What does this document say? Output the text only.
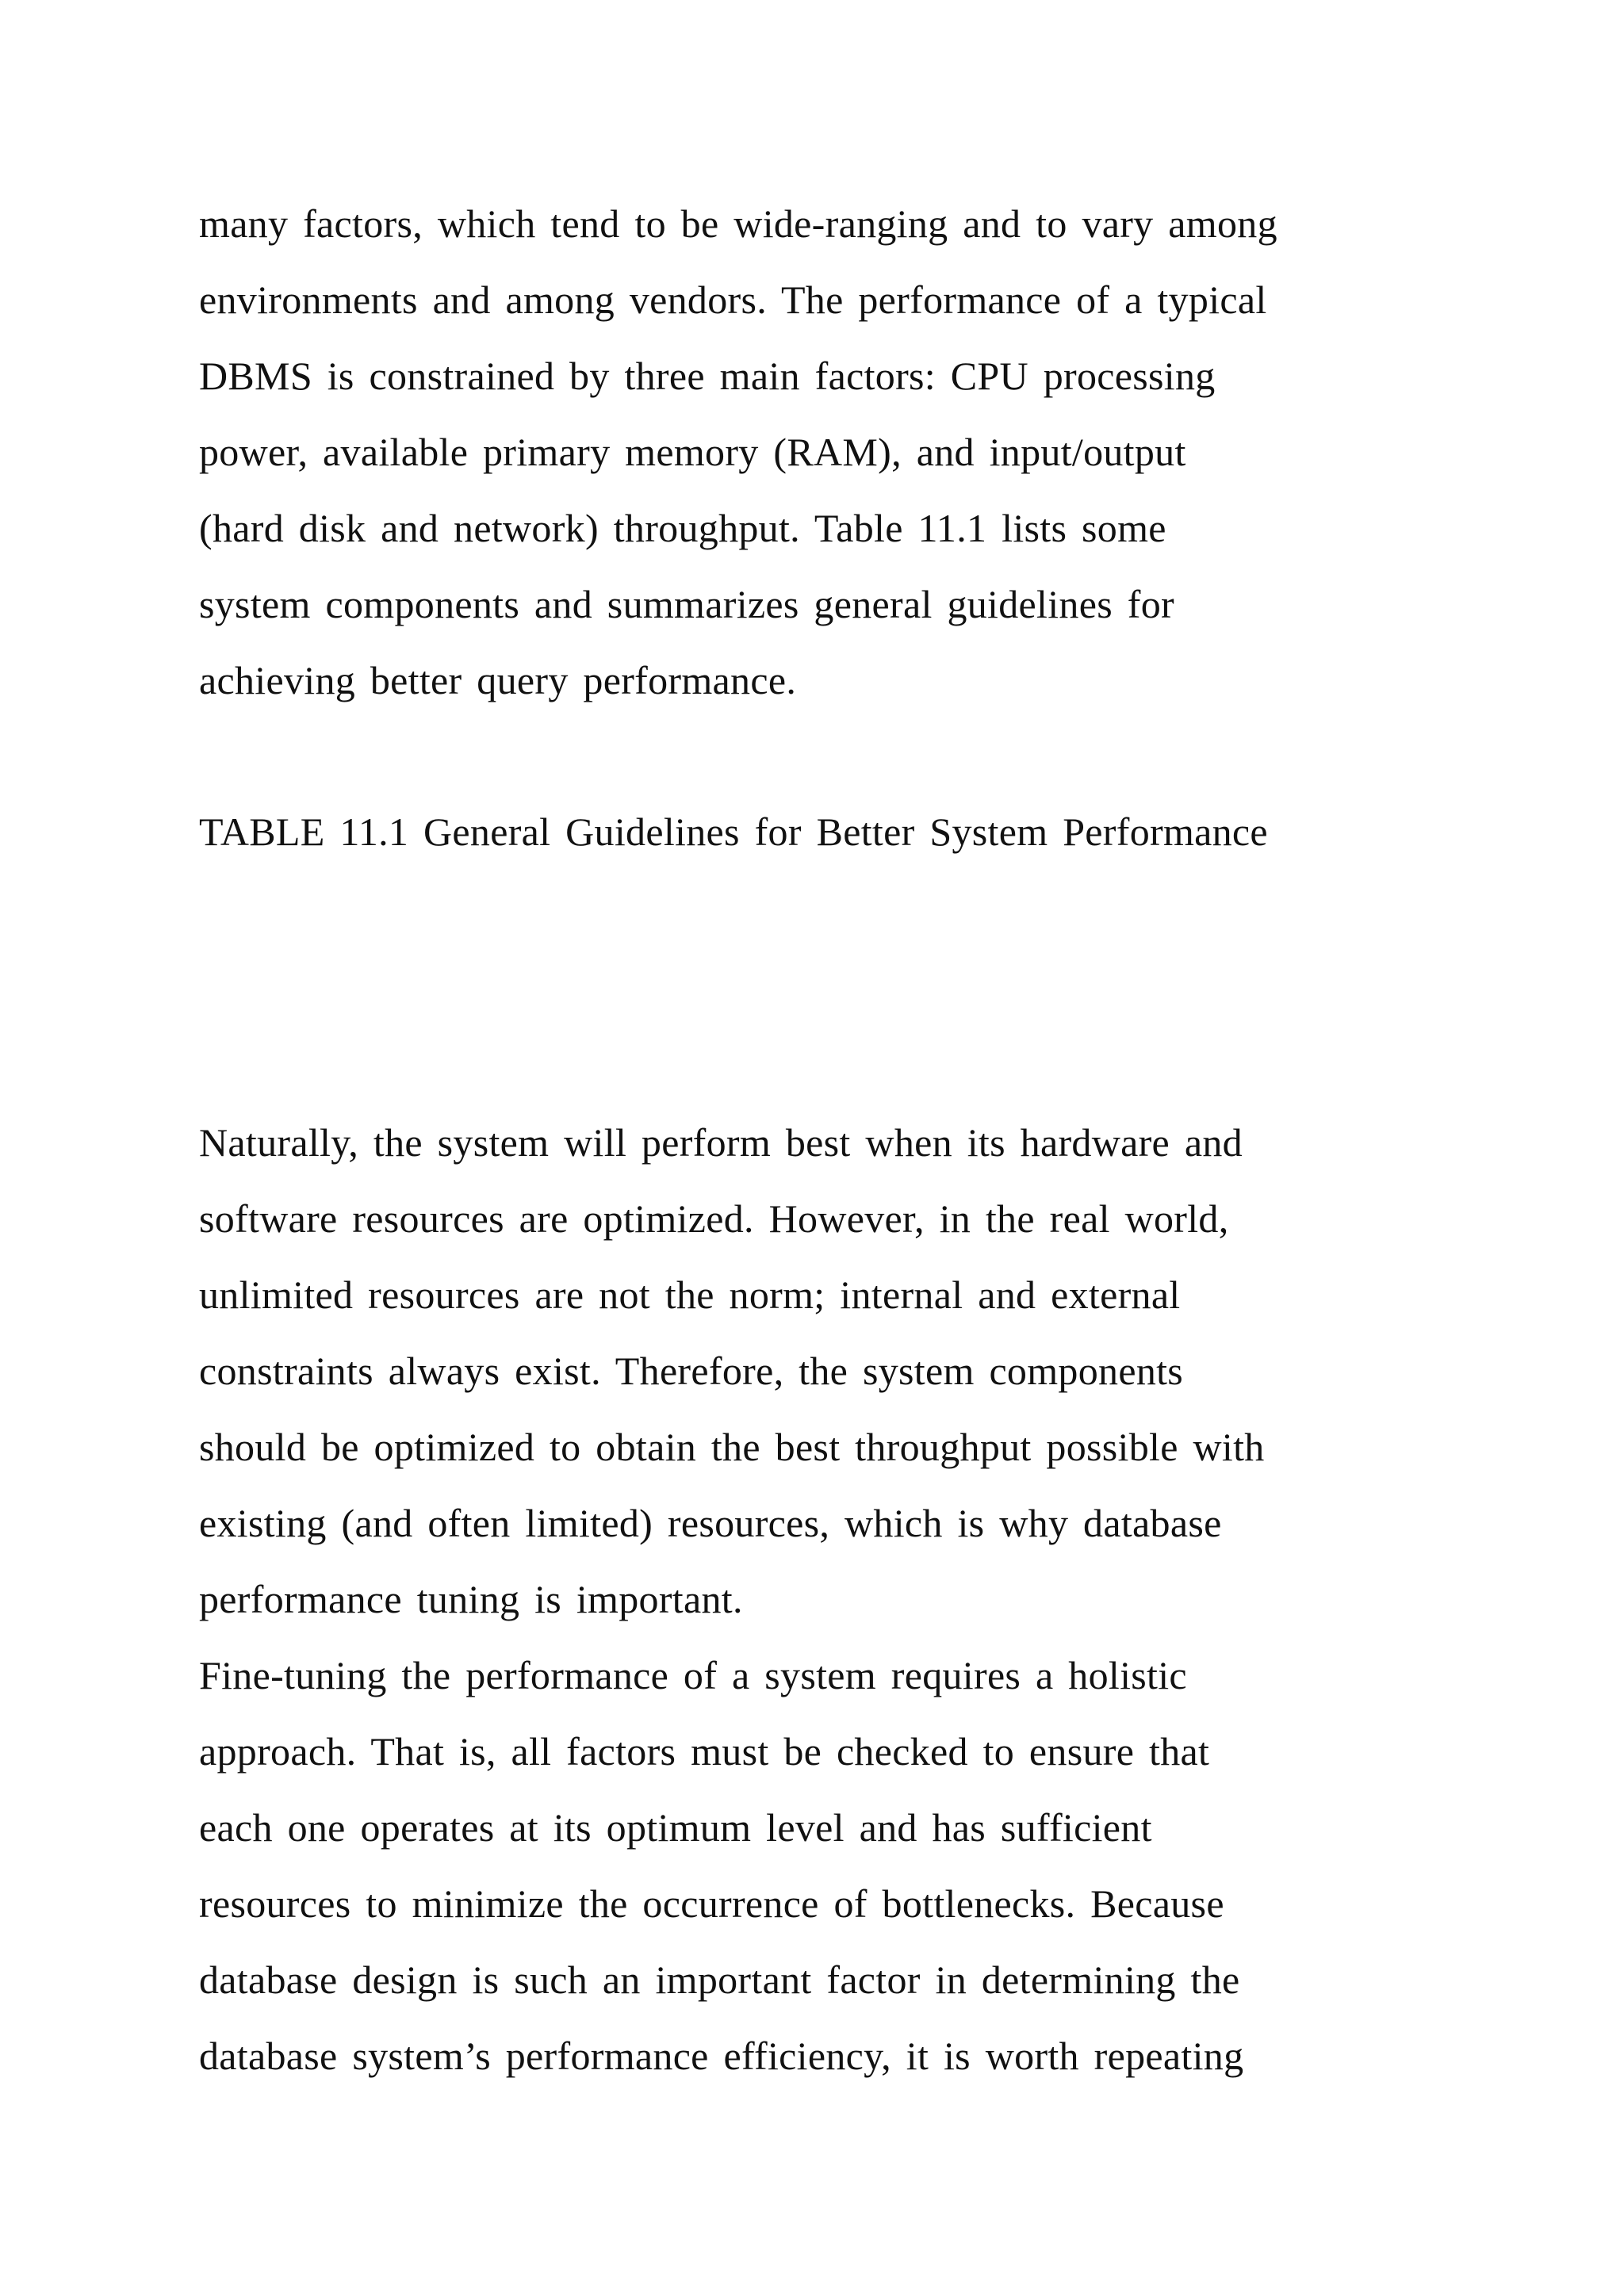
many factors, which tend to be wide-ranging and to vary among
environments and among vendors. The performance of a typical
DBMS is constrained by three main factors: CPU processing
power, available primary memory (RAM), and input/output
(hard disk and network) throughput. Table 11.1 lists some
system components and summarizes general guidelines for
achieving better query performance.
TABLE 11.1 General Guidelines for Better System Performance
Naturally, the system will perform best when its hardware and
software resources are optimized. However, in the real world,
unlimited resources are not the norm; internal and external
constraints always exist. Therefore, the system components
should be optimized to obtain the best throughput possible with
existing (and often limited) resources, which is why database
performance tuning is important.
Fine-tuning the performance of a system requires a holistic
approach. That is, all factors must be checked to ensure that
each one operates at its optimum level and has sufficient
resources to minimize the occurrence of bottlenecks. Because
database design is such an important factor in determining the
database system’s performance efficiency, it is worth repeating
